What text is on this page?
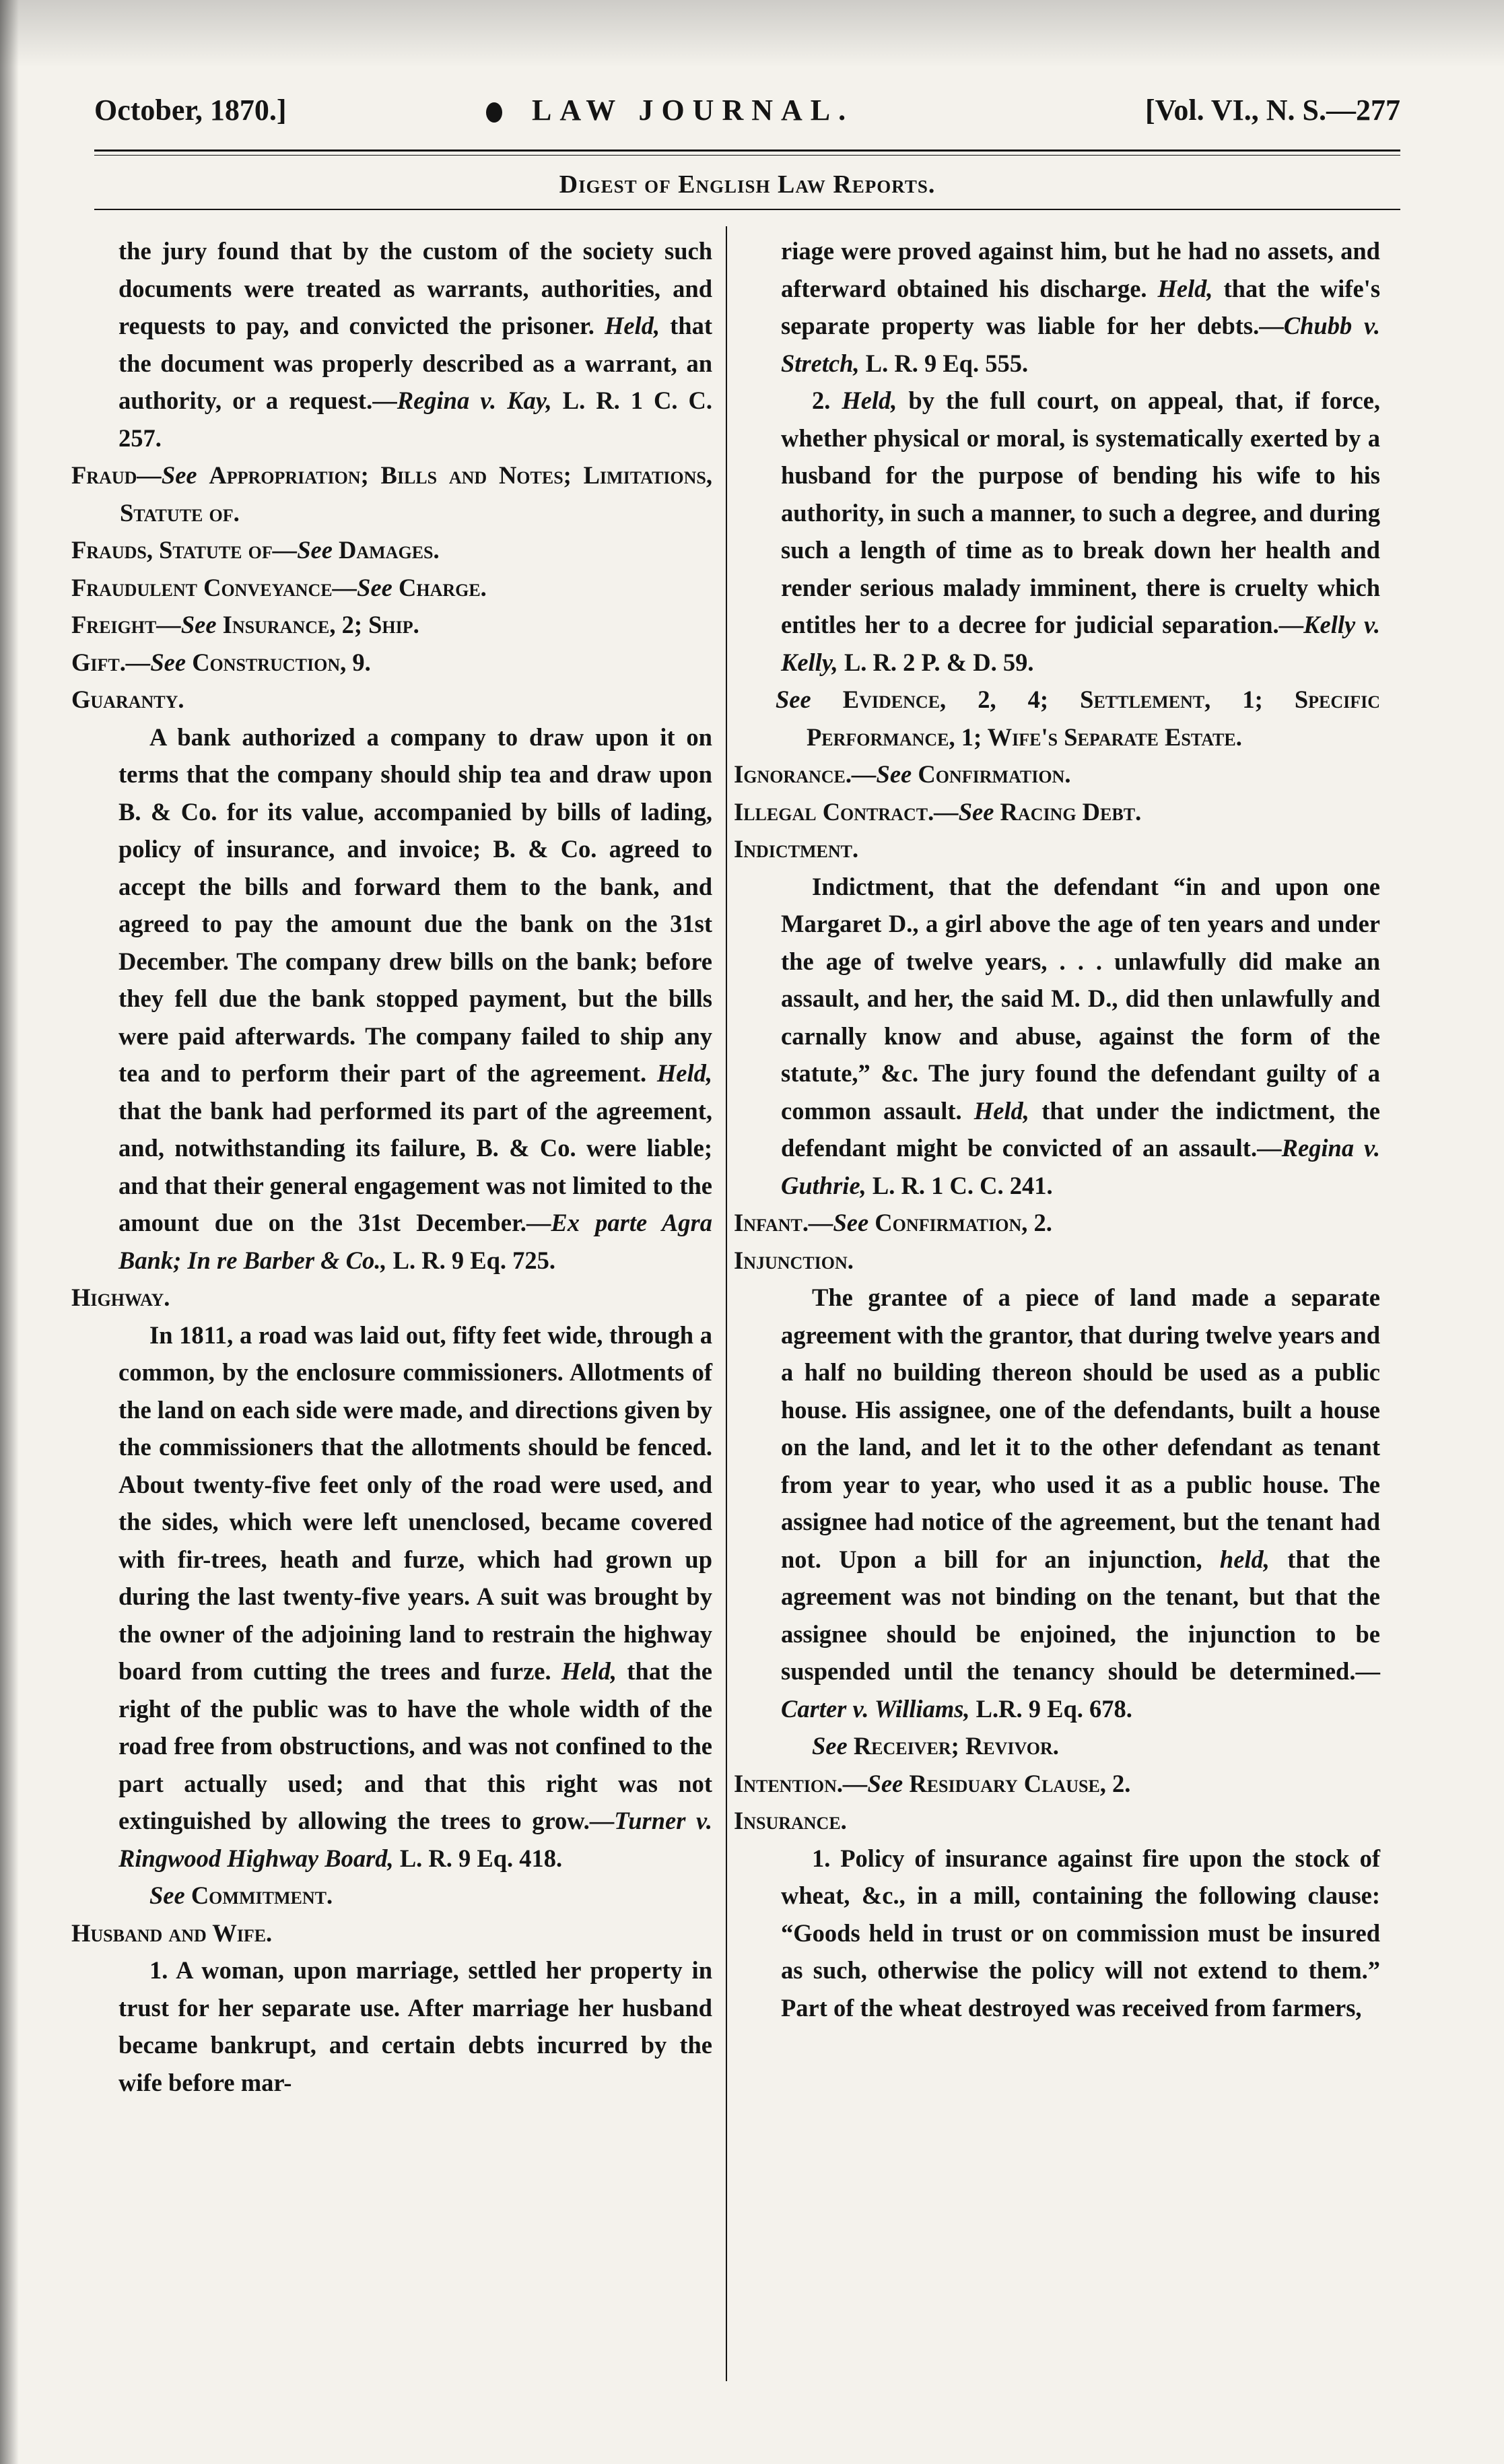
October, 1870.]	LAW JOURNAL.	[Vol. VI., N. S.—277
Digest of English Law Reports.

the jury found that by the custom of the society such documents were treated as warrants, authorities, and requests to pay, and convicted the prisoner. Held, that the document was properly described as a warrant, an authority, or a request.—Regina v. Kay, L. R. 1 C. C. 257.

Fraud—See Appropriation; Bills and Notes; Limitations, Statute of.

Frauds, Statute of—See Damages.

Fraudulent Conveyance—See Charge.

Freight—See Insurance, 2; Ship.

Gift.—See Construction, 9.

Guaranty.

A bank authorized a company to draw upon it on terms that the company should ship tea and draw upon B. & Co. for its value, accompanied by bills of lading, policy of insurance, and invoice; B. & Co. agreed to accept the bills and forward them to the bank, and agreed to pay the amount due the bank on the 31st December. The company drew bills on the bank; before they fell due the bank stopped payment, but the bills were paid afterwards. The company failed to ship any tea and to perform their part of the agreement. Held, that the bank had performed its part of the agreement, and, notwithstanding its failure, B. & Co. were liable; and that their general engagement was not limited to the amount due on the 31st December.—Ex parte Agra Bank; In re Barber & Co., L. R. 9 Eq. 725.

Highway.

In 1811, a road was laid out, fifty feet wide, through a common, by the enclosure commissioners. Allotments of the land on each side were made, and directions given by the commissioners that the allotments should be fenced. About twenty-five feet only of the road were used, and the sides, which were left unenclosed, became covered with fir-trees, heath and furze, which had grown up during the last twenty-five years. A suit was brought by the owner of the adjoining land to restrain the highway board from cutting the trees and furze. Held, that the right of the public was to have the whole width of the road free from obstructions, and was not confined to the part actually used; and that this right was not extinguished by allowing the trees to grow.—Turner v. Ringwood Highway Board, L. R. 9 Eq. 418.

See Commitment.

Husband and Wife.

1. A woman, upon marriage, settled her property in trust for her separate use. After marriage her husband became bankrupt, and certain debts incurred by the wife before mar-

riage were proved against him, but he had no assets, and afterward obtained his discharge. Held, that the wife's separate property was liable for her debts.—Chubb v. Stretch, L. R. 9 Eq. 555.

2. Held, by the full court, on appeal, that, if force, whether physical or moral, is systematically exerted by a husband for the purpose of bending his wife to his authority, in such a manner, to such a degree, and during such a length of time as to break down her health and render serious malady imminent, there is cruelty which entitles her to a decree for judicial separation.—Kelly v. Kelly, L. R. 2 P. & D. 59.

See Evidence, 2, 4; Settlement, 1; Specific Performance, 1; Wife's Separate Estate.

Ignorance.—See Confirmation.

Illegal Contract.—See Racing Debt.

Indictment.

Indictment, that the defendant “in and upon one Margaret D., a girl above the age of ten years and under the age of twelve years, . . . unlawfully did make an assault, and her, the said M. D., did then unlawfully and carnally know and abuse, against the form of the statute,” &c. The jury found the defendant guilty of a common assault. Held, that under the indictment, the defendant might be convicted of an assault.—Regina v. Guthrie, L. R. 1 C. C. 241.

Infant.—See Confirmation, 2.

Injunction.

The grantee of a piece of land made a separate agreement with the grantor, that during twelve years and a half no building thereon should be used as a public house. His assignee, one of the defendants, built a house on the land, and let it to the other defendant as tenant from year to year, who used it as a public house. The assignee had notice of the agreement, but the tenant had not. Upon a bill for an injunction, held, that the agreement was not binding on the tenant, but that the assignee should be enjoined, the injunction to be suspended until the tenancy should be determined.—Carter v. Williams, L.R. 9 Eq. 678.

See Receiver; Revivor.

Intention.—See Residuary Clause, 2.

Insurance.

1. Policy of insurance against fire upon the stock of wheat, &c., in a mill, containing the following clause: “Goods held in trust or on commission must be insured as such, otherwise the policy will not extend to them.” Part of the wheat destroyed was received from farmers,
